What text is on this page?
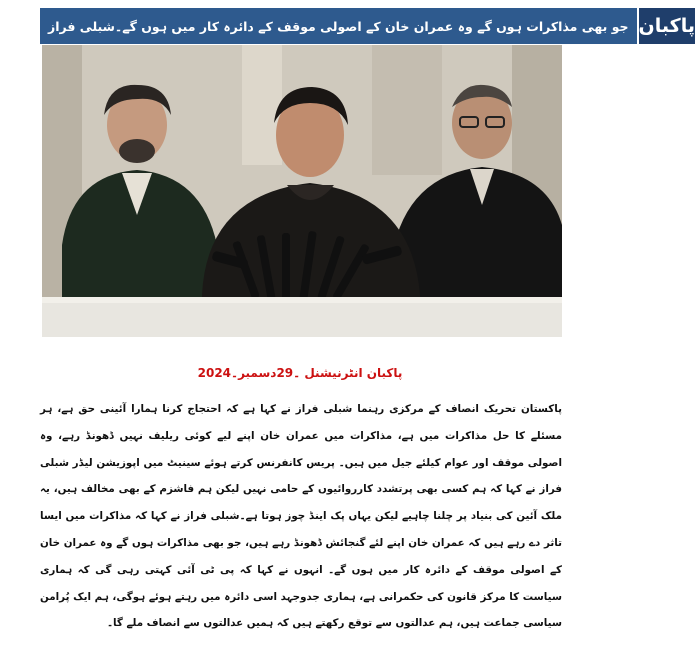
جو بھی مذاکرات ہوں گے وہ عمران خان کے اصولی موقف کے دائرہ کار میں ہوں گے۔شبلی فراز پاکبان
پاکبان انٹرنیشنل ۔29دسمبر۔2024
پاکستان تحریک انصاف کے مرکزی رہنما شبلی فراز نے کہا ہے کہ احتجاج کرنا ہمارا آئینی حق ہے، ہر مسئلے کا حل مذاکرات میں ہے، مذاکرات میں عمران خان اپنے لیے کوئی ریلیف نہیں ڈھونڈ رہے، وہ اصولی موقف اور عوام کیلئے جیل میں ہیں۔ پریس کانفرنس کرتے ہوئے سینیٹ میں اپوزیشن لیڈر شبلی فراز نے کہا کہ ہم کسی بھی پرتشدد کارروائیوں کے حامی نہیں لیکن ہم فاشزم کے بھی مخالف ہیں، یہ ملک آئین کی بنیاد پر چلنا چاہیے لیکن یہاں پک اینڈ چوز ہوتا ہے۔شبلی فراز نے کہا کہ مذاکرات میں ایسا تاثر دے رہے ہیں کہ عمران خان اپنے لئے گنجائش ڈھونڈ رہے ہیں، جو بھی مذاکرات ہوں گے وہ عمران خان کے اصولی موقف کے دائرہ کار میں ہوں گے۔ انہوں نے کہا کہ پی ٹی آئی کہتی رہی گی کہ ہماری سیاست کا مرکز قانون کی حکمرانی ہے، ہماری جدوجہد اسی دائرہ میں رہتے ہوئے ہوگی، ہم ایک پُرامن سیاسی جماعت ہیں، ہم عدالتوں سے توقع رکھتے ہیں کہ ہمیں عدالتوں سے انصاف ملے گا۔
